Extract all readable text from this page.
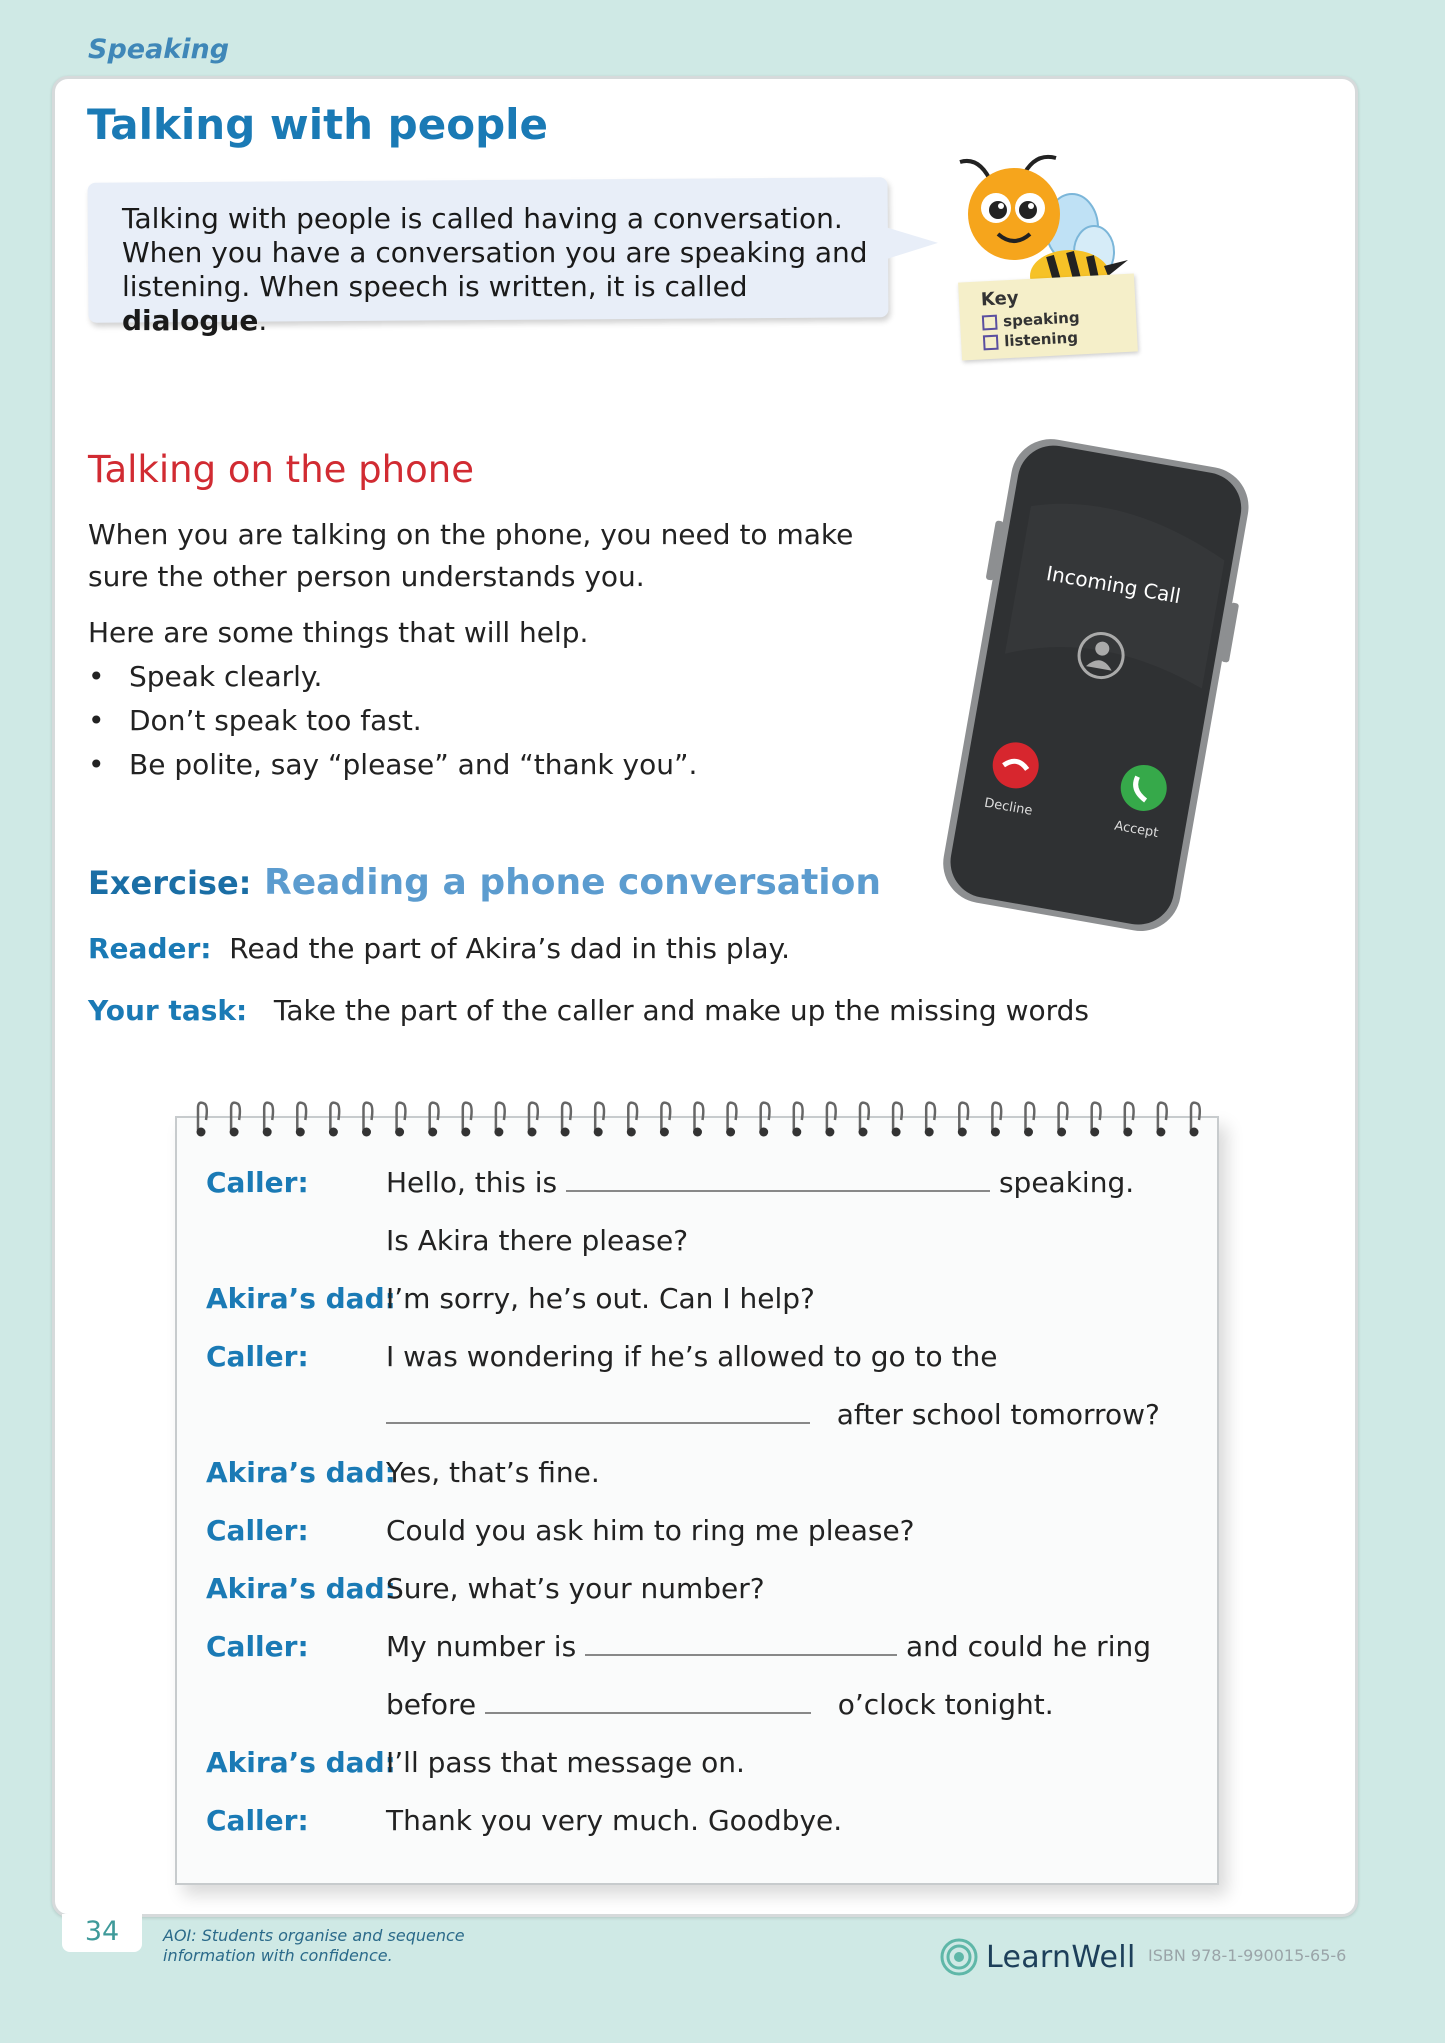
Speaking
Talking with people
Talking with people is called having a conversation. When you have a conversation you are speaking and listening. When speech is written, it is called dialogue.
Key
speaking
listening
Talking on the phone
When you are talking on the phone, you need to make sure the other person understands you.
Here are some things that will help.
• Speak clearly.
• Don’t speak too fast.
• Be polite, say “please” and “thank you”.
Incoming Call
Decline
Accept
Exercise: Reading a phone conversation
Reader: Read the part of Akira’s dad in this play.
Your task: Take the part of the caller and make up the missing words
Caller:	Hello, this is	speaking.
Is Akira there please?
Akira’s dad:
I’m sorry, he’s out. Can I help?
Caller:	I was wondering if he’s allowed to go to the
after school tomorrow?
Akira’s dad:
Yes, that’s fine.
Caller:	Could you ask him to ring me please?
Akira’s dad:
Sure, what’s your number?
Caller:	My number is	and could he ring
before	o’clock tonight.
Akira’s dad:
I’ll pass that message on.
Caller:	Thank you very much. Goodbye.
34	AOI: Students organise and sequence information with confidence.	LearnWell ISBN 978-1-990015-65-6
